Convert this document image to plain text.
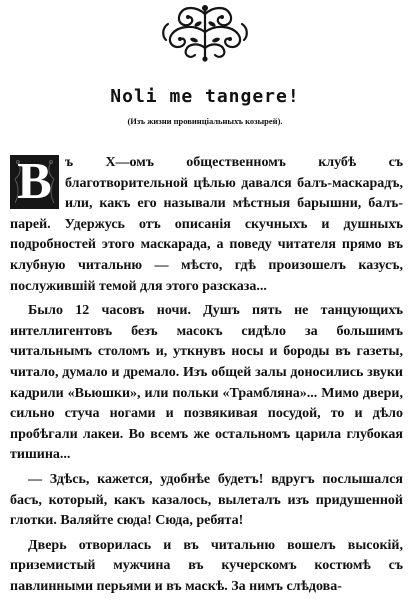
Noli me tangere!
(Изъ жизни провинціальныхъ козырей).

В ъ X—омъ общественномъ клубѣ съ благотворительной цѣлью давался балъ-маскарадъ, или, какъ его называли мѣстныя барышни, балъ-парей. Удержусь отъ описанія скучныхъ и душныхъ подробностей этого маскарада, а поведу читателя прямо въ клубную читальню — мѣсто, гдѣ произошелъ казусъ, послужившій темой для этого разсказа...

Было 12 часовъ ночи. Душъ пять не танцующихъ интеллигентовъ безъ масокъ сидѣло за большимъ читальнымъ столомъ и, уткнувъ носы и бороды въ газеты, читало, думало и дремало. Изъ общей залы доносились звуки кадрили «Вьюшки», или польки «Трамбляна»... Мимо двери, сильно стуча ногами и позвякивая посудой, то и дѣло пробѣгали лакеи. Во всемъ же остальномъ царила глубокая тишина...

— Здѣсь, кажется, удобнѣе будетъ! вдругъ послышался басъ, который, какъ казалось, вылеталъ изъ придушенной глотки. Валяйте сюда! Сюда, ребята!

Дверь отворилась и въ читальню вошелъ высокій, приземистый мужчина въ кучерскомъ костюмѣ съ павлинными перьями и въ маскѣ. За нимъ слѣдова-
